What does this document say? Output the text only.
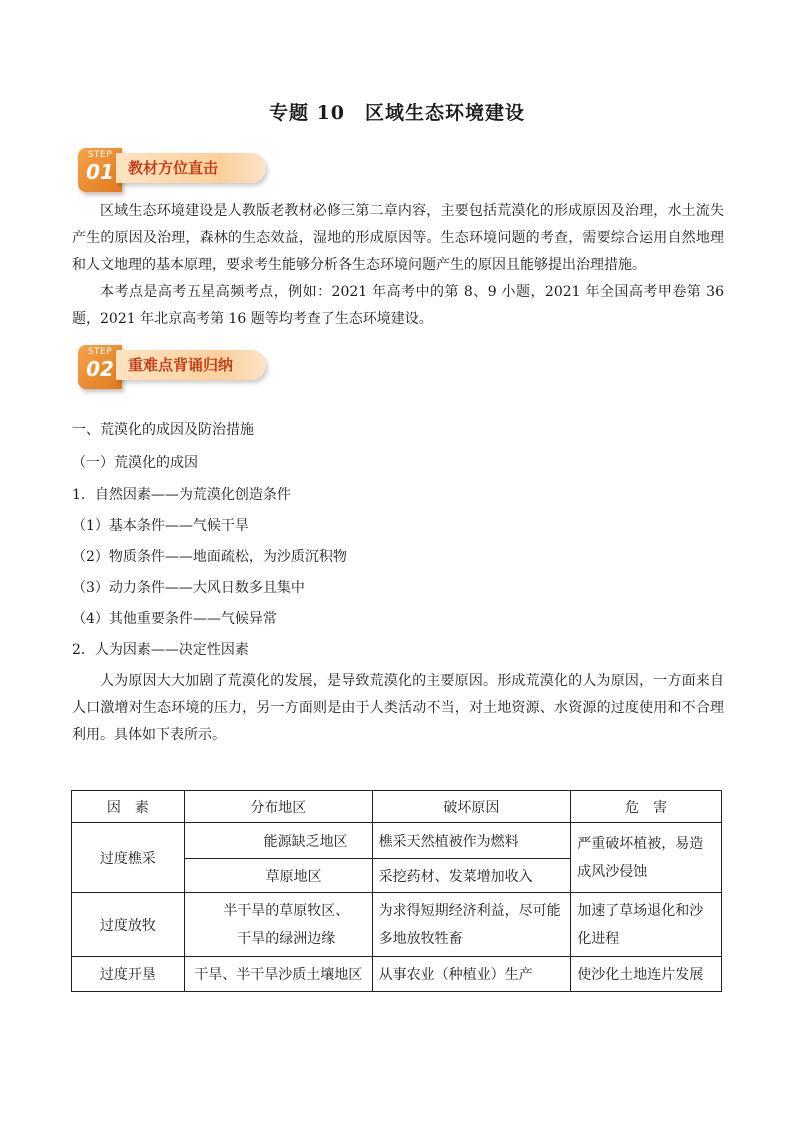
专题 10　区域生态环境建设
STEP
01 教材方位直击
区域生态环境建设是人教版老教材必修三第二章内容，主要包括荒漠化的形成原因及治理，水土流失产生的原因及治理，森林的生态效益，湿地的形成原因等。生态环境问题的考查，需要综合运用自然地理和人文地理的基本原理，要求考生能够分析各生态环境问题产生的原因且能够提出治理措施。
本考点是高考五星高频考点，例如：2021 年高考中的第 8、9 小题，2021 年全国高考甲卷第 36 题，2021 年北京高考第 16 题等均考查了生态环境建设。
STEP
02 重难点背诵归纳
一、荒漠化的成因及防治措施
（一）荒漠化的成因
1．自然因素——为荒漠化创造条件
（1）基本条件——气候干旱
（2）物质条件——地面疏松，为沙质沉积物
（3）动力条件——大风日数多且集中
（4）其他重要条件——气候异常
2．人为因素——决定性因素
人为原因大大加剧了荒漠化的发展，是导致荒漠化的主要原因。形成荒漠化的人为原因，一方面来自人口激增对生态环境的压力，另一方面则是由于人类活动不当，对土地资源、水资源的过度使用和不合理利用。具体如下表所示。
因　素	分布地区	破坏原因	危　害
过度樵采	能源缺乏地区	樵采天然植被作为燃料	严重破坏植被，易造成风沙侵蚀
	草原地区	采挖药材、发菜增加收入	
过度放牧	半干旱的草原牧区、干旱的绿洲边缘	为求得短期经济利益，尽可能多地放牧牲畜	加速了草场退化和沙化进程
过度开垦	干旱、半干旱沙质土壤地区	从事农业（种植业）生产	使沙化土地连片发展
